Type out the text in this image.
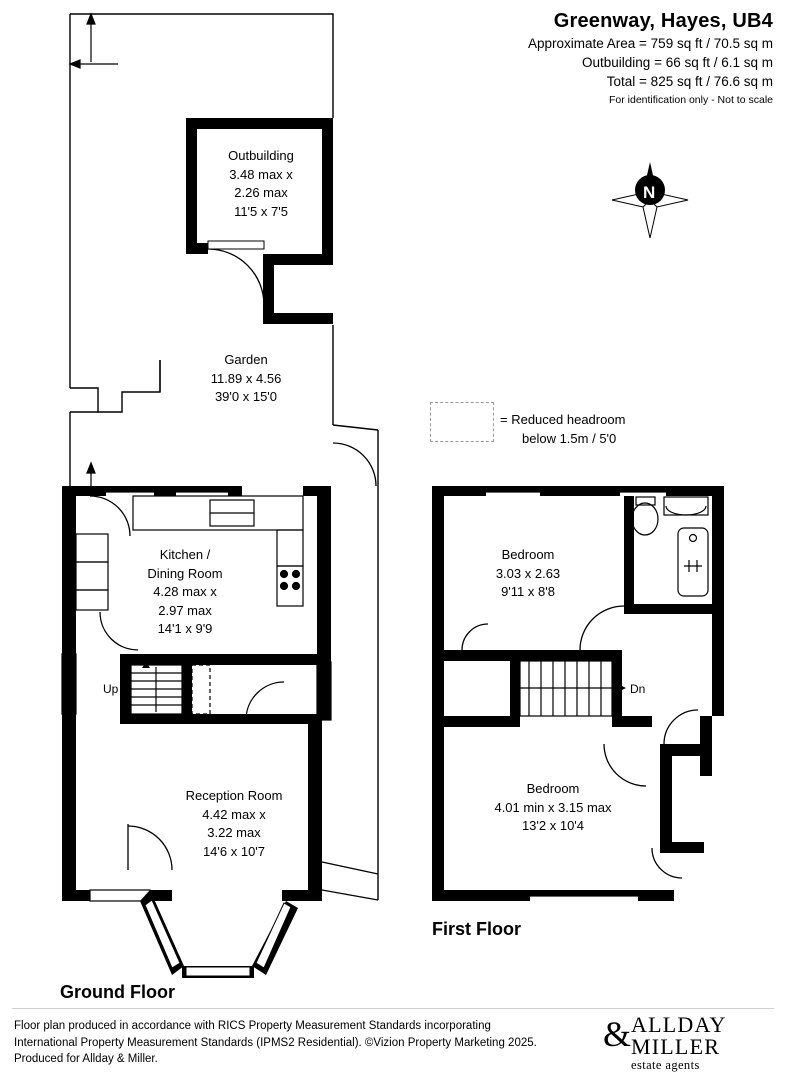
Greenway, Hayes, UB4
Approximate Area = 759 sq ft / 70.5 sq m
Outbuilding = 66 sq ft / 6.1 sq m
Total = 825 sq ft / 76.6 sq m
For identification only - Not to scale
N
= Reduced headroom
below 1.5m / 5'0
Outbuilding
3.48 max x
2.26 max
11'5 x 7'5
Garden
11.89 x 4.56
39'0 x 15'0
Kitchen /
Dining Room
4.28 max x
2.97 max
14'1 x 9'9
Reception Room
4.42 max x
3.22 max
14'6 x 10'7
Bedroom
3.03 x 2.63
9'11 x 8'8
Bedroom
4.01 min x 3.15 max
13'2 x 10'4
Up	Dn
Ground Floor
First Floor
Floor plan produced in accordance with RICS Property Measurement Standards incorporating
International Property Measurement Standards (IPMS2 Residential). ©Vizion Property Marketing 2025.
Produced for Allday & Miller.
& ALLDAY
MILLER
estate agents
